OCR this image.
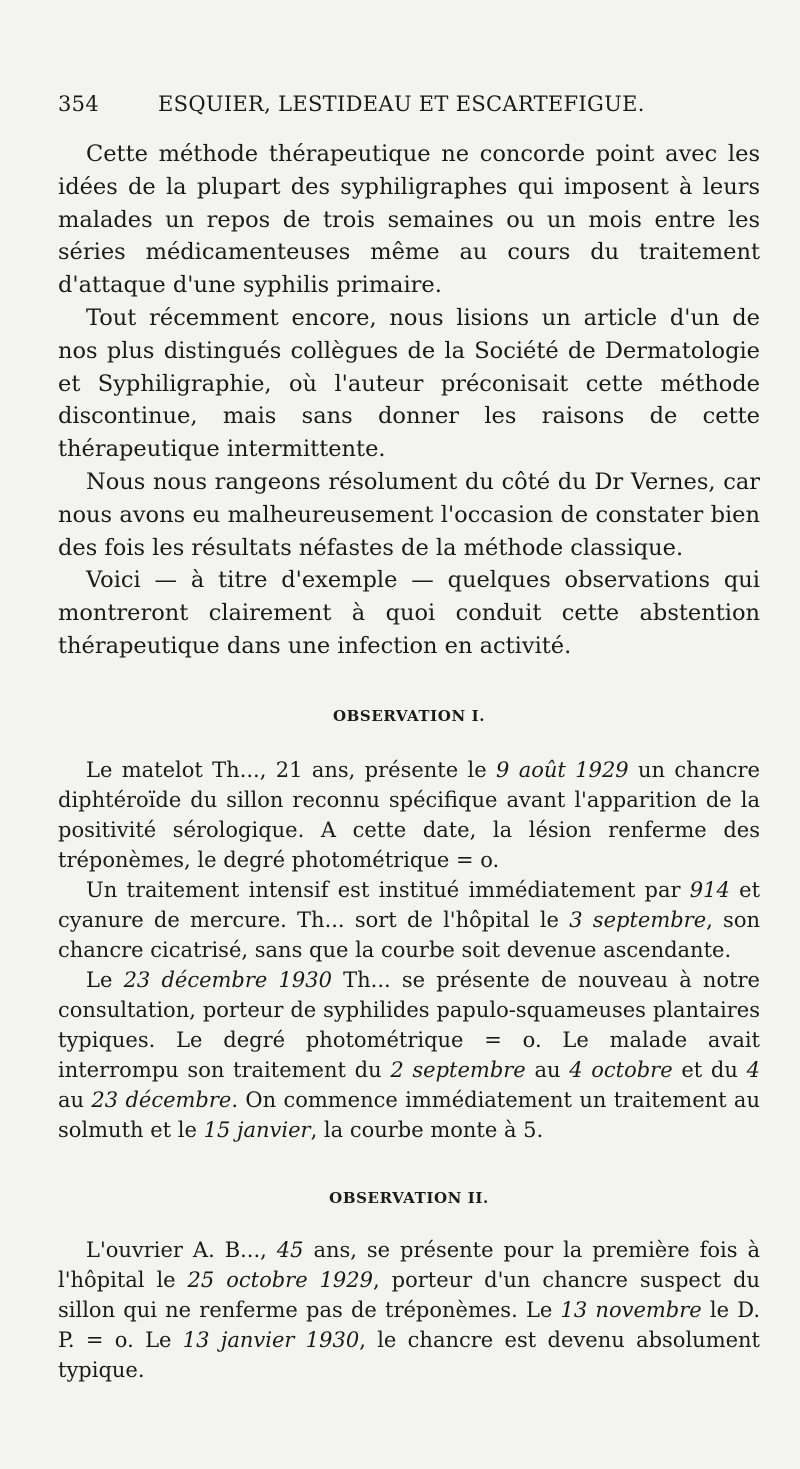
354	ESQUIER, LESTIDEAU ET ESCARTEFIGUE.

Cette méthode thérapeutique ne concorde point avec les idées de la plupart des syphiligraphes qui imposent à leurs malades un repos de trois semaines ou un mois entre les séries médicamenteuses même au cours du traitement d'attaque d'une syphilis primaire.

Tout récemment encore, nous lisions un article d'un de nos plus distingués collègues de la Société de Dermatologie et Syphiligraphie, où l'auteur préconisait cette méthode discontinue, mais sans donner les raisons de cette thérapeutique intermittente.

Nous nous rangeons résolument du côté du Dr Vernes, car nous avons eu malheureusement l'occasion de constater bien des fois les résultats néfastes de la méthode classique.

Voici — à titre d'exemple — quelques observations qui montreront clairement à quoi conduit cette abstention thérapeutique dans une infection en activité.

OBSERVATION I.

Le matelot Th..., 21 ans, présente le 9 août 1929 un chancre diphtéroïde du sillon reconnu spécifique avant l'apparition de la positivité sérologique. A cette date, la lésion renferme des tréponèmes, le degré photométrique = o.

Un traitement intensif est institué immédiatement par 914 et cyanure de mercure. Th... sort de l'hôpital le 3 septembre, son chancre cicatrisé, sans que la courbe soit devenue ascendante.

Le 23 décembre 1930 Th... se présente de nouveau à notre consultation, porteur de syphilides papulo-squameuses plantaires typiques. Le degré photométrique = o. Le malade avait interrompu son traitement du 2 septembre au 4 octobre et du 4 au 23 décembre. On commence immédiatement un traitement au solmuth et le 15 janvier, la courbe monte à 5.

OBSERVATION II.

L'ouvrier A. B..., 45 ans, se présente pour la première fois à l'hôpital le 25 octobre 1929, porteur d'un chancre suspect du sillon qui ne renferme pas de tréponèmes. Le 13 novembre le D. P. = o. Le 13 janvier 1930, le chancre est devenu absolument typique.
